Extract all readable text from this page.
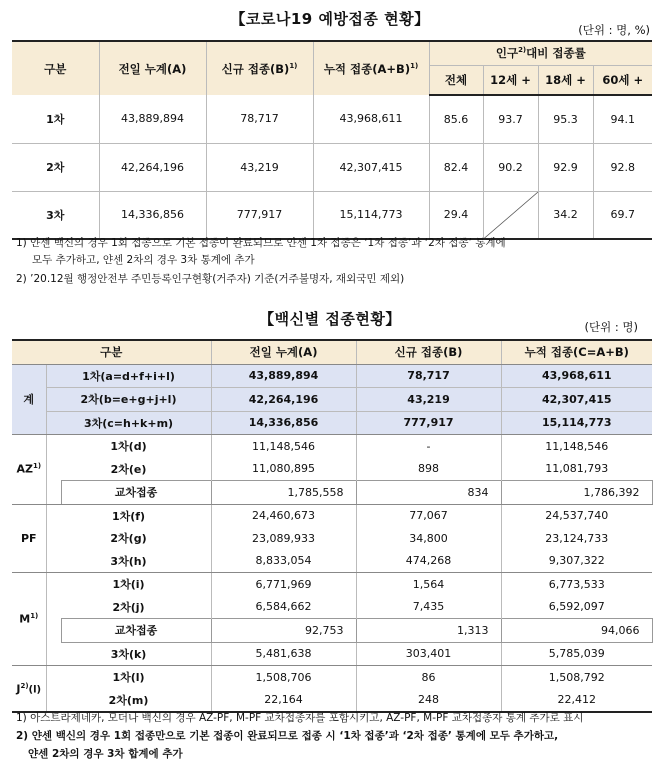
【코로나19 예방접종 현황】
(단위 : 명, %)
구분	전일 누계(A)	신규 접종$(B)^{1)}$	누적 접종$(A+B)^{1)}$	인구$^{2)}$대비 접종률			
				전체	12세 +	18세 +	60세 +
1차	43,889,894	78,717	43,968,611	85.6	93.7	95.3	94.1
2차	42,264,196	43,219	42,307,415	82.4	90.2	92.9	92.8
3차	14,336,856	777,917	15,114,773	29.4		34.2	69.7
1) 얀센 백신의 경우 1회 접종으로 기본 접종이 완료되므로 얀센 1차 접종은 ‘1차 접종’과 ‘2차 접종’ 통계에
모두 추가하고, 얀센 2차의 경우 3차 통계에 추가
2) ’20.12월 행정안전부 주민등록인구현황(거주자) 기준(거주불명자, 재외국민 제외)
【백신별 접종현황】	(단위 : 명)
구분			전일 누계(A)	신규 접종(B)	누적 접종(C=A+B)
계	1차(a=d+f+i+l)		43,889,894	78,717	43,968,611
	2차(b=e+g+j+l)		42,264,196	43,219	42,307,415
	3차(c=h+k+m)		14,336,856	777,917	15,114,773
AZ$^{1)}$	1차(d)		11,148,546	-	11,148,546
	2차(e)		11,080,895	898	11,081,793
		교차접종	1,785,558	834	1,786,392
PF	1차(f)		24,460,673	77,067	24,537,740
	2차(g)		23,089,933	34,800	23,124,733
	3차(h)		8,833,054	474,268	9,307,322
$M^{1)}$	1차(i)		6,771,969	1,564	6,773,533
	2차(j)		6,584,662	7,435	6,592,097
		교차접종	92,753	1,313	94,066
	3차(k)		5,481,638	303,401	5,785,039
$J^{2)}(l)$	1차(l)		1,508,706	86	1,508,792
	2차(m)		22,164	248	22,412
1) 아스트라제네카, 모더나 백신의 경우 AZ-PF, M-PF 교차접종자를 포함시키고, AZ-PF, M-PF 교차접종자 통계 추가로 표시
2) 얀센 백신의 경우 1회 접종만으로 기본 접종이 완료되므로 접종 시 ‘1차 접종’과 ‘2차 접종’ 통계에 모두 추가하고,
얀센 2차의 경우 3차 합계에 추가
